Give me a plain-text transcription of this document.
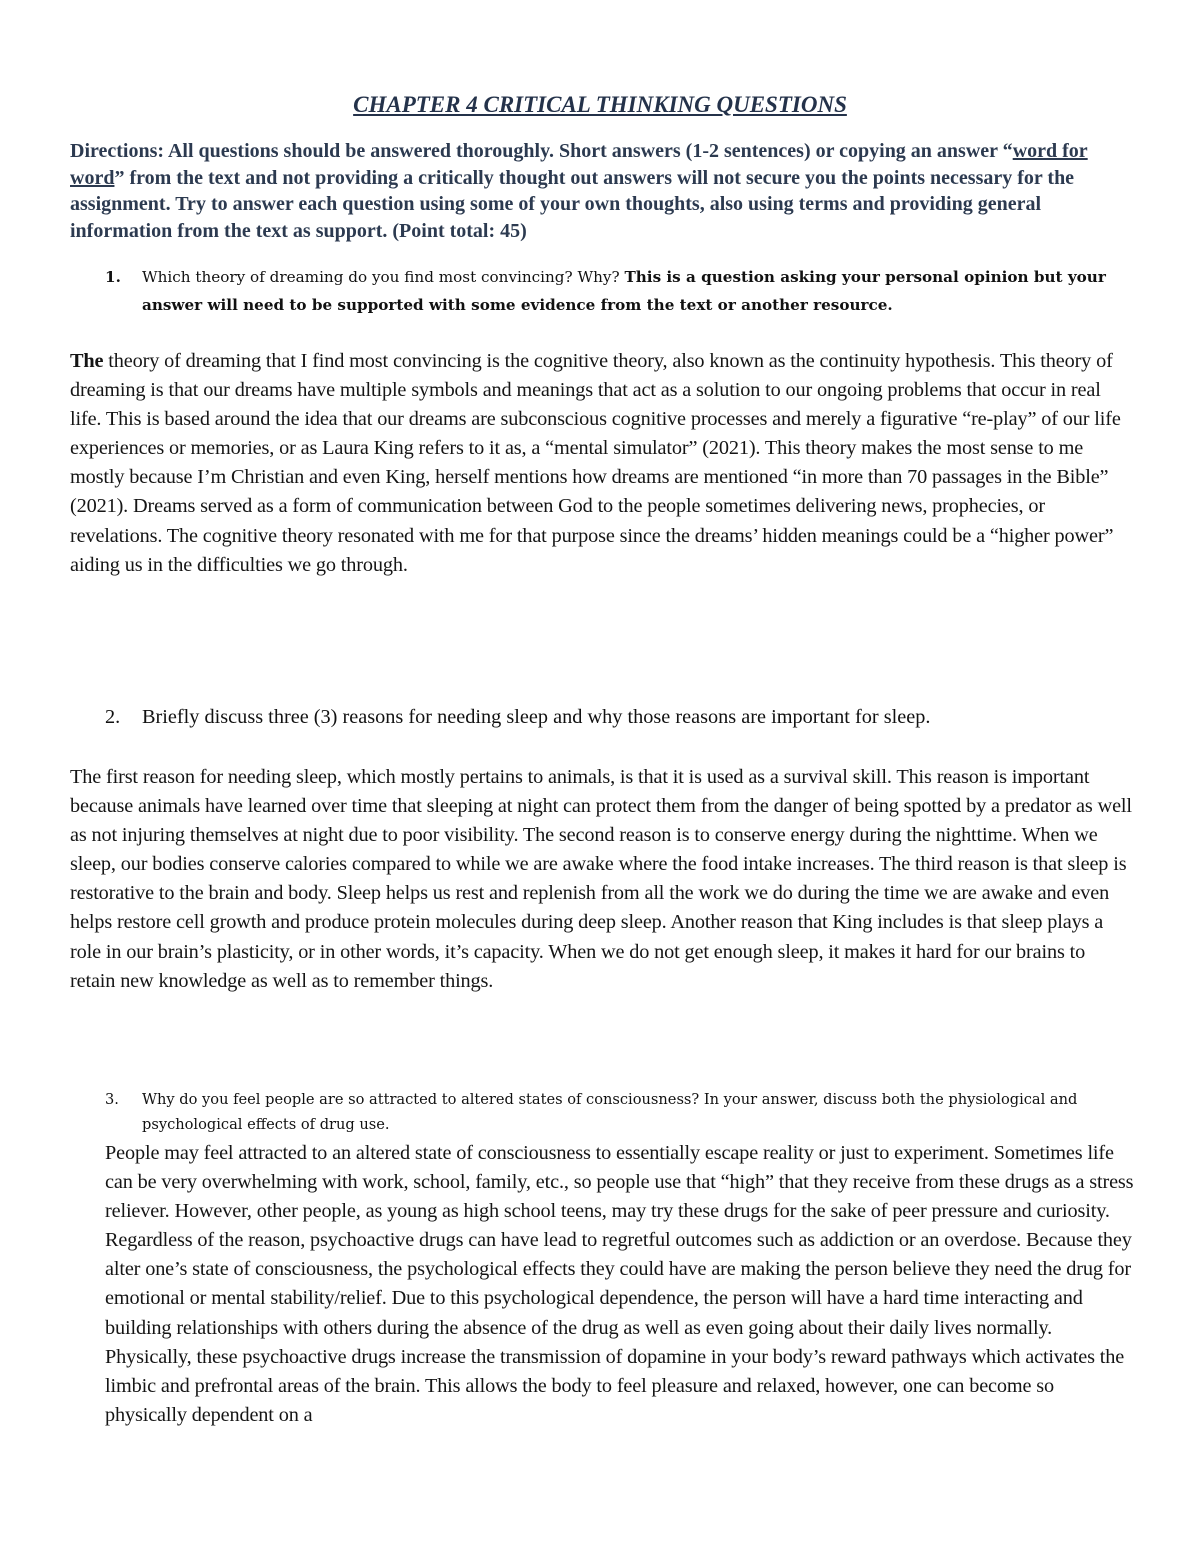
CHAPTER 4 CRITICAL THINKING QUESTIONS
Directions: All questions should be answered thoroughly. Short answers (1-2 sentences) or copying an answer “word for word” from the text and not providing a critically thought out answers will not secure you the points necessary for the assignment. Try to answer each question using some of your own thoughts, also using terms and providing general information from the text as support. (Point total: 45)
1. Which theory of dreaming do you find most convincing? Why? This is a question asking your personal opinion but your answer will need to be supported with some evidence from the text or another resource.
The theory of dreaming that I find most convincing is the cognitive theory, also known as the continuity hypothesis. This theory of dreaming is that our dreams have multiple symbols and meanings that act as a solution to our ongoing problems that occur in real life. This is based around the idea that our dreams are subconscious cognitive processes and merely a figurative “re-play” of our life experiences or memories, or as Laura King refers to it as, a “mental simulator” (2021). This theory makes the most sense to me mostly because I’m Christian and even King, herself mentions how dreams are mentioned “in more than 70 passages in the Bible” (2021). Dreams served as a form of communication between God to the people sometimes delivering news, prophecies, or revelations. The cognitive theory resonated with me for that purpose since the dreams’ hidden meanings could be a “higher power” aiding us in the difficulties we go through.
2. Briefly discuss three (3) reasons for needing sleep and why those reasons are important for sleep.
The first reason for needing sleep, which mostly pertains to animals, is that it is used as a survival skill. This reason is important because animals have learned over time that sleeping at night can protect them from the danger of being spotted by a predator as well as not injuring themselves at night due to poor visibility. The second reason is to conserve energy during the nighttime. When we sleep, our bodies conserve calories compared to while we are awake where the food intake increases. The third reason is that sleep is restorative to the brain and body. Sleep helps us rest and replenish from all the work we do during the time we are awake and even helps restore cell growth and produce protein molecules during deep sleep. Another reason that King includes is that sleep plays a role in our brain’s plasticity, or in other words, it’s capacity. When we do not get enough sleep, it makes it hard for our brains to retain new knowledge as well as to remember things.
3. Why do you feel people are so attracted to altered states of consciousness? In your answer, discuss both the physiological and psychological effects of drug use.
People may feel attracted to an altered state of consciousness to essentially escape reality or just to experiment. Sometimes life can be very overwhelming with work, school, family, etc., so people use that “high” that they receive from these drugs as a stress reliever. However, other people, as young as high school teens, may try these drugs for the sake of peer pressure and curiosity. Regardless of the reason, psychoactive drugs can have lead to regretful outcomes such as addiction or an overdose. Because they alter one’s state of consciousness, the psychological effects they could have are making the person believe they need the drug for emotional or mental stability/relief. Due to this psychological dependence, the person will have a hard time interacting and building relationships with others during the absence of the drug as well as even going about their daily lives normally. Physically, these psychoactive drugs increase the transmission of dopamine in your body’s reward pathways which activates the limbic and prefrontal areas of the brain. This allows the body to feel pleasure and relaxed, however, one can become so physically dependent on a
